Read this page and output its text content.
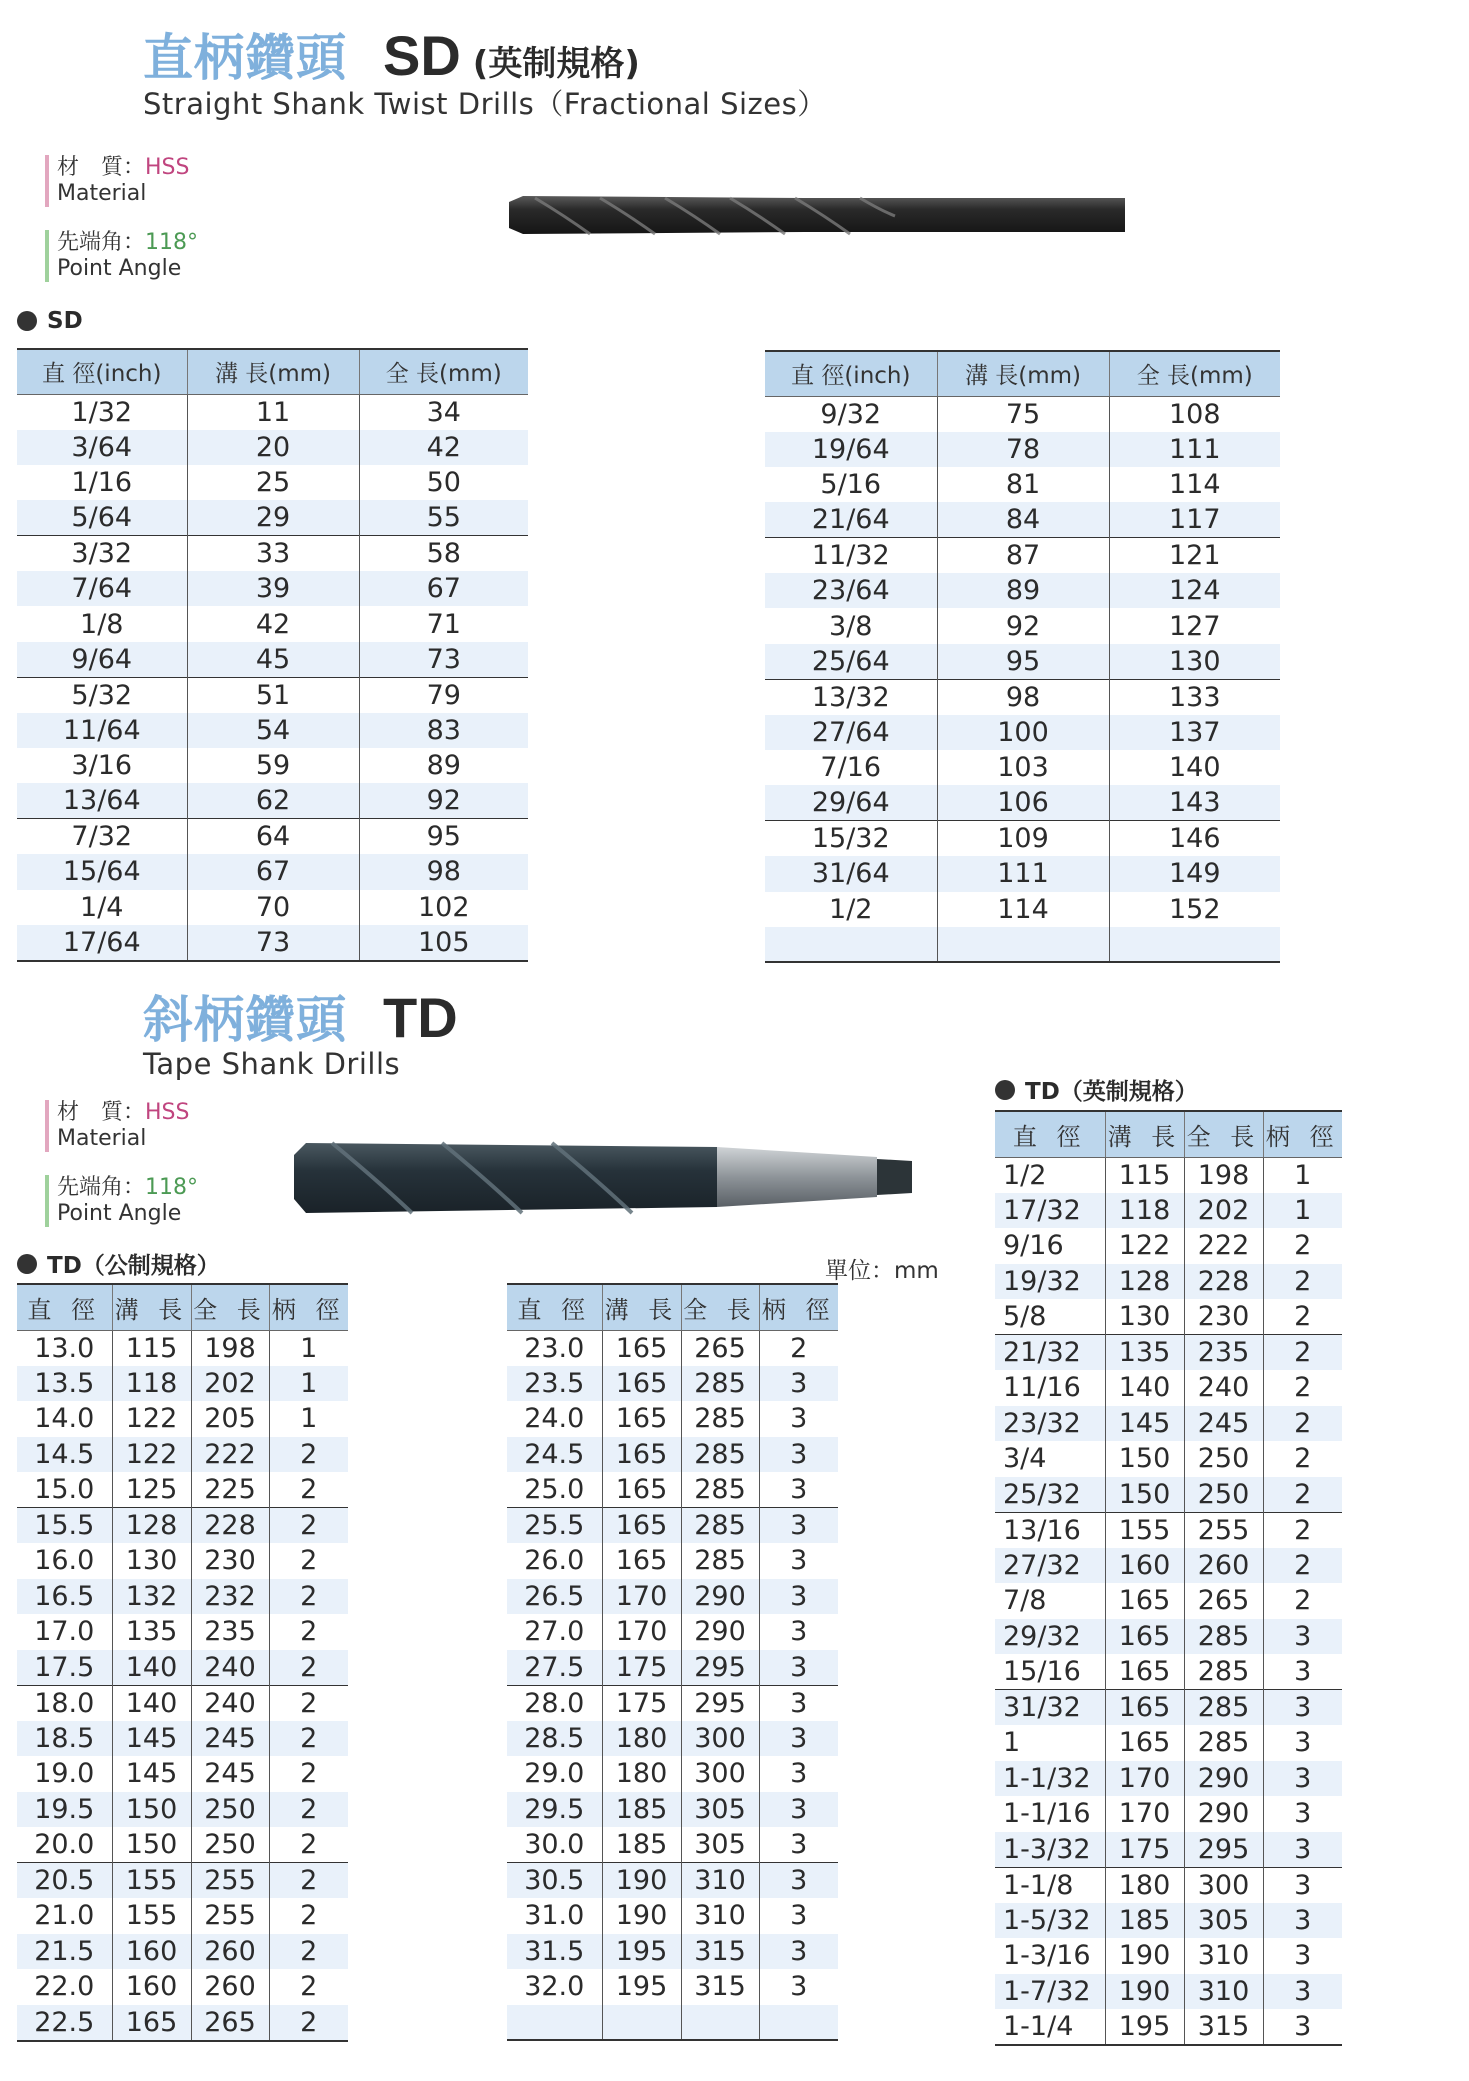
直柄鑽頭 SD (英制規格)
Straight Shank Twist Drills（Fractional Sizes）
材　質：HSS
Material
先端角：118°
Point Angle
SD
直 徑(inch)	溝 長(mm)	全 長(mm)
1/32	11	34
3/64	20	42
1/16	25	50
5/64	29	55
3/32	33	58
7/64	39	67
1/8	42	71
9/64	45	73
5/32	51	79
11/64	54	83
3/16	59	89
13/64	62	92
7/32	64	95
15/64	67	98
1/4	70	102
17/64	73	105
直 徑(inch)	溝 長(mm)	全 長(mm)
9/32	75	108
19/64	78	111
5/16	81	114
21/64	84	117
11/32	87	121
23/64	89	124
3/8	92	127
25/64	95	130
13/32	98	133
27/64	100	137
7/16	103	140
29/64	106	143
15/32	109	146
31/64	111	149
1/2	114	152

斜柄鑽頭 TD
Tape Shank Drills
材　質：HSS
Material
先端角：118°
Point Angle
TD（公制規格）	單位：mm
直 徑	溝 長	全 長	柄 徑
13.0	115	198	1
13.5	118	202	1
14.0	122	205	1
14.5	122	222	2
15.0	125	225	2
15.5	128	228	2
16.0	130	230	2
16.5	132	232	2
17.0	135	235	2
17.5	140	240	2
18.0	140	240	2
18.5	145	245	2
19.0	145	245	2
19.5	150	250	2
20.0	150	250	2
20.5	155	255	2
21.0	155	255	2
21.5	160	260	2
22.0	160	260	2
22.5	165	265	2
直 徑	溝 長	全 長	柄 徑
23.0	165	265	2
23.5	165	285	3
24.0	165	285	3
24.5	165	285	3
25.0	165	285	3
25.5	165	285	3
26.0	165	285	3
26.5	170	290	3
27.0	170	290	3
27.5	175	295	3
28.0	175	295	3
28.5	180	300	3
29.0	180	300	3
29.5	185	305	3
30.0	185	305	3
30.5	190	310	3
31.0	190	310	3
31.5	195	315	3
32.0	195	315	3

TD（英制規格）
直 徑	溝 長	全 長	柄 徑
1/2	115	198	1
17/32	118	202	1
9/16	122	222	2
19/32	128	228	2
5/8	130	230	2
21/32	135	235	2
11/16	140	240	2
23/32	145	245	2
3/4	150	250	2
25/32	150	250	2
13/16	155	255	2
27/32	160	260	2
7/8	165	265	2
29/32	165	285	3
15/16	165	285	3
31/32	165	285	3
1	165	285	3
1-1/32	170	290	3
1-1/16	170	290	3
1-3/32	175	295	3
1-1/8	180	300	3
1-5/32	185	305	3
1-3/16	190	310	3
1-7/32	190	310	3
1-1/4	195	315	3
